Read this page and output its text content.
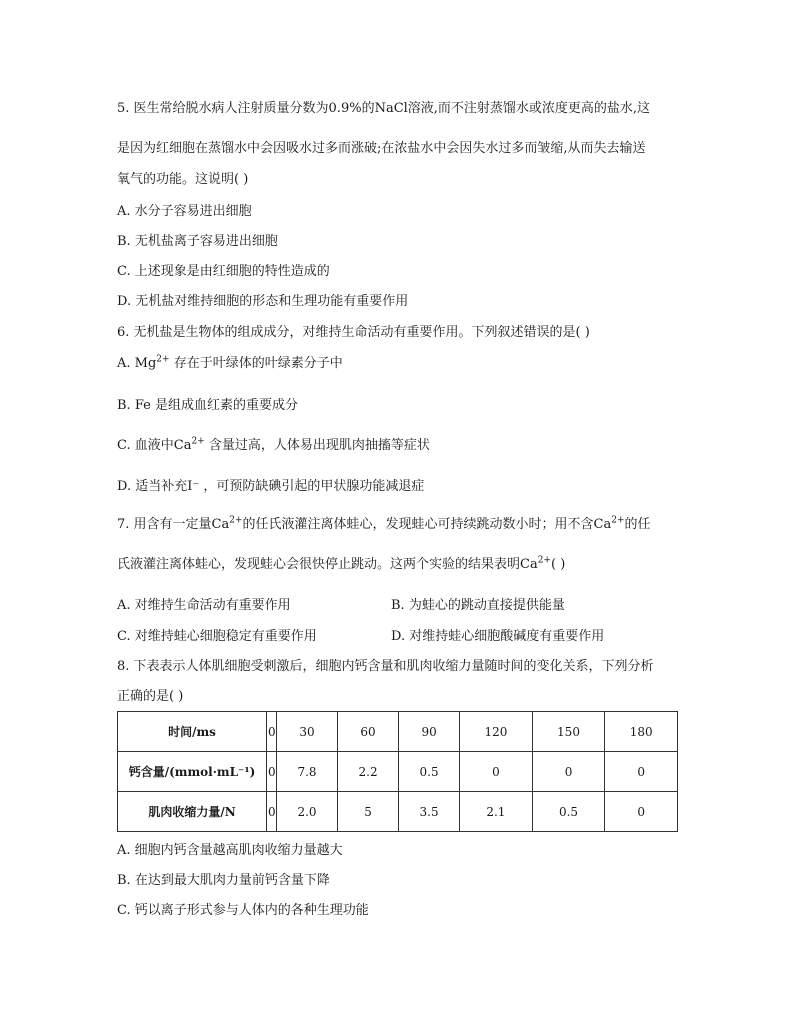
5. 医生常给脱水病人注射质量分数为0.9%的NaCl溶液,而不注射蒸馏水或浓度更高的盐水,这
是因为红细胞在蒸馏水中会因吸水过多而涨破;在浓盐水中会因失水过多而皱缩,从而失去输送
氧气的功能。这说明( )
A. 水分子容易进出细胞
B. 无机盐离子容易进出细胞
C. 上述现象是由红细胞的特性造成的
D. 无机盐对维持细胞的形态和生理功能有重要作用
6. 无机盐是生物体的组成成分，对维持生命活动有重要作用。下列叙述错误的是( )
A. $Mg^{2+}$ 存在于叶绿体的叶绿素分子中
B. Fe 是组成血红素的重要成分
C. 血液中$Ca^{2+}$ 含量过高，人体易出现肌肉抽搐等症状
D. 适当补充I⁻ ，可预防缺碘引起的甲状腺功能减退症
7. 用含有一定量$Ca^{2+}$的任氏液灌注离体蛙心，发现蛙心可持续跳动数小时；用不含$Ca^{2+}$的任
氏液灌注离体蛙心，发现蛙心会很快停止跳动。这两个实验的结果表明$Ca^{2+}$( )
A. 对维持生命活动有重要作用	B. 为蛙心的跳动直接提供能量
C. 对维持蛙心细胞稳定有重要作用	D. 对维持蛙心细胞酸碱度有重要作用
8. 下表表示人体肌细胞受刺激后，细胞内钙含量和肌肉收缩力量随时间的变化关系，下列分析
正确的是( )
时间/ms	0	30	60	90	120	150	180
钙含量/(mmol·mL⁻¹)	0	7.8	2.2	0.5	0	0	0
肌肉收缩力量/N	0	2.0	5	3.5	2.1	0.5	0
A. 细胞内钙含量越高肌肉收缩力量越大
B. 在达到最大肌肉力量前钙含量下降
C. 钙以离子形式参与人体内的各种生理功能
